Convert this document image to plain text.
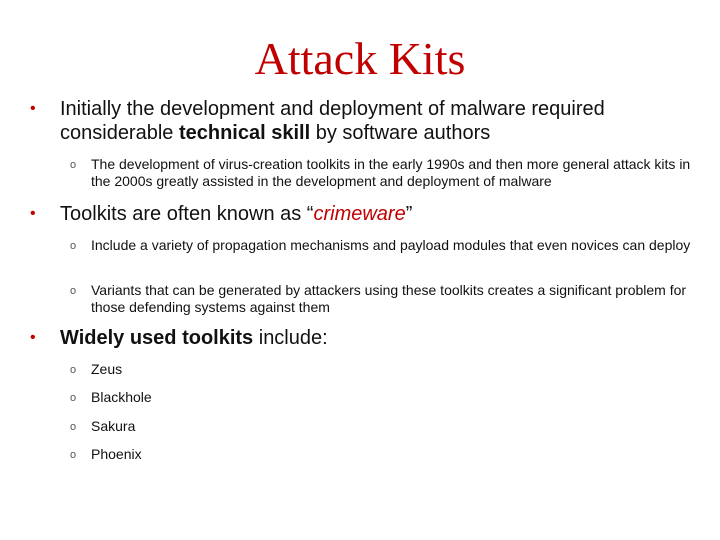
Attack Kits
• Initially the development and deployment of malware required considerable technical skill by software authors
o The development of virus-creation toolkits in the early 1990s and then more general attack kits in the 2000s greatly assisted in the development and deployment of malware
• Toolkits are often known as “crimeware”
o Include a variety of propagation mechanisms and payload modules that even novices can deploy
o Variants that can be generated by attackers using these toolkits creates a significant problem for those defending systems against them
• Widely used toolkits include:
o Zeus
o Blackhole
o Sakura
o Phoenix
